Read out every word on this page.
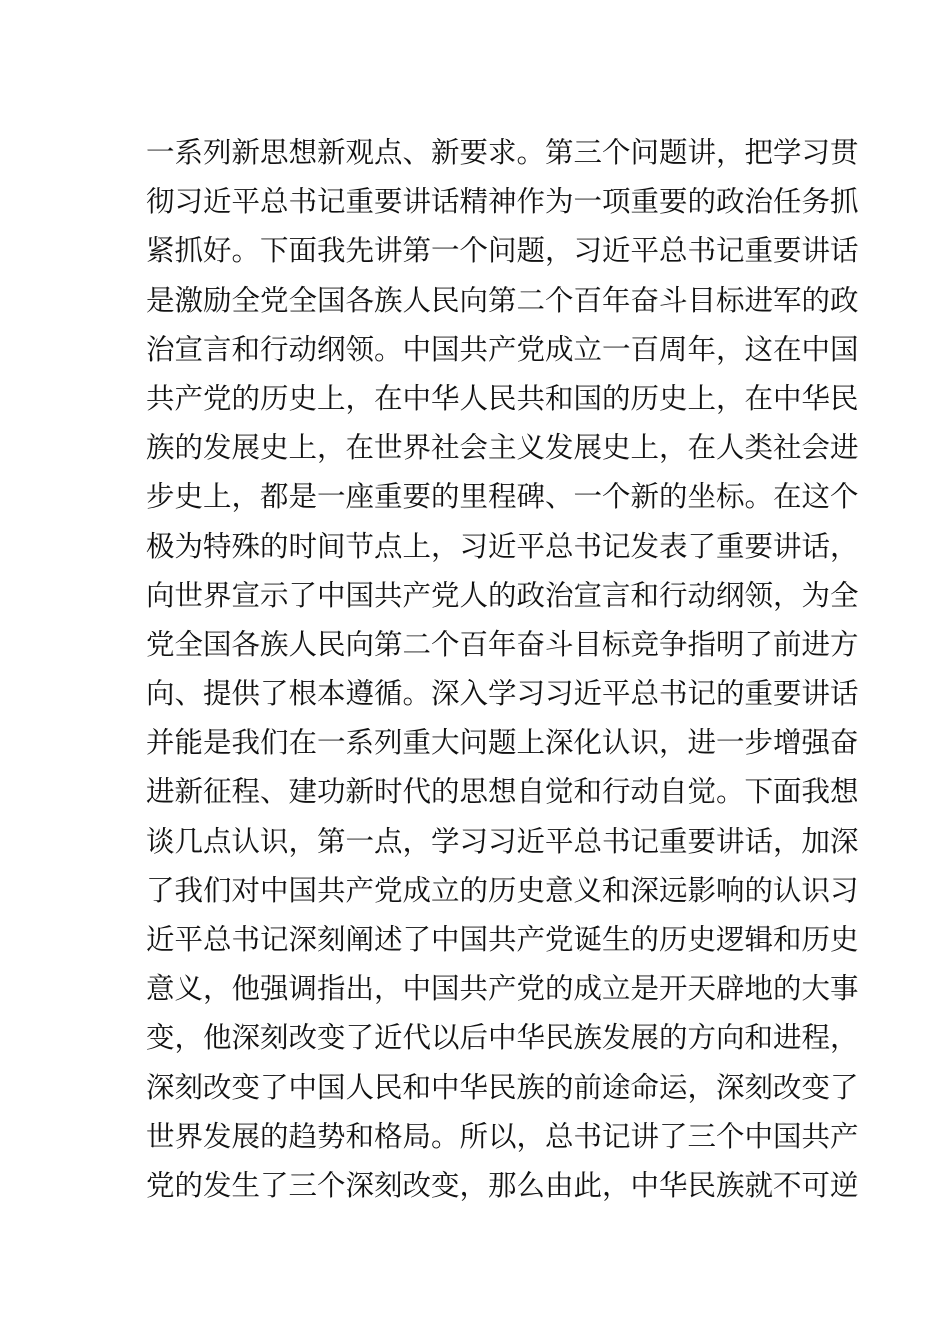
一系列新思想新观点、新要求。第三个问题讲，把学习贯
彻习近平总书记重要讲话精神作为一项重要的政治任务抓
紧抓好。下面我先讲第一个问题，习近平总书记重要讲话
是激励全党全国各族人民向第二个百年奋斗目标进军的政
治宣言和行动纲领。中国共产党成立一百周年，这在中国
共产党的历史上，在中华人民共和国的历史上，在中华民
族的发展史上，在世界社会主义发展史上，在人类社会进
步史上，都是一座重要的里程碑、一个新的坐标。在这个
极为特殊的时间节点上，习近平总书记发表了重要讲话，
向世界宣示了中国共产党人的政治宣言和行动纲领，为全
党全国各族人民向第二个百年奋斗目标竞争指明了前进方
向、提供了根本遵循。深入学习习近平总书记的重要讲话
并能是我们在一系列重大问题上深化认识，进一步增强奋
进新征程、建功新时代的思想自觉和行动自觉。下面我想
谈几点认识，第一点，学习习近平总书记重要讲话，加深
了我们对中国共产党成立的历史意义和深远影响的认识习
近平总书记深刻阐述了中国共产党诞生的历史逻辑和历史
意义，他强调指出，中国共产党的成立是开天辟地的大事
变，他深刻改变了近代以后中华民族发展的方向和进程，
深刻改变了中国人民和中华民族的前途命运，深刻改变了
世界发展的趋势和格局。所以，总书记讲了三个中国共产
党的发生了三个深刻改变，那么由此，中华民族就不可逆
